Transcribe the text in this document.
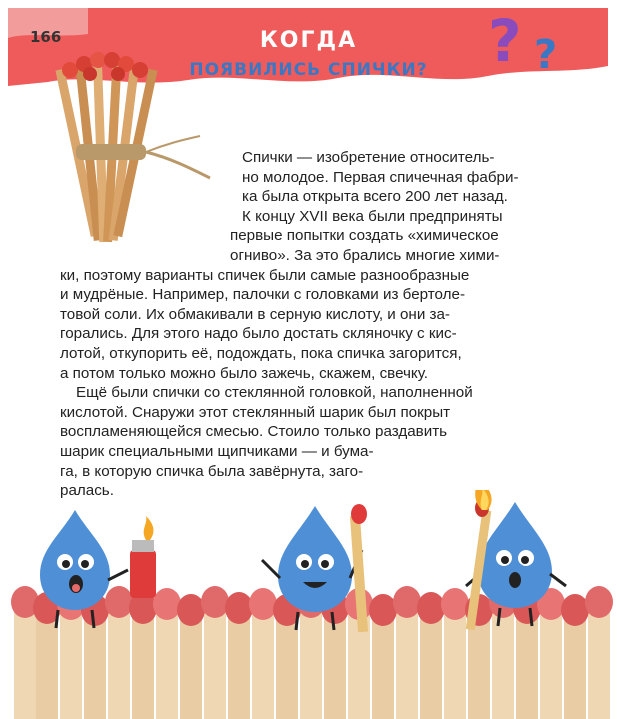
166	КОГДА
ПОЯВИЛИСЬ СПИЧКИ?	? ?
Спички — изобретение относитель-
но молодое. Первая спичечная фабри-
ка была открыта всего 200 лет назад.
К концу XVII века были предприняты
первые попытки создать «химическое
огниво». За это брались многие хими-
ки, поэтому варианты спичек были самые разнообразные
и мудрёные. Например, палочки с головками из бертоле-
товой соли. Их обмакивали в серную кислоту, и они за-
горались. Для этого надо было достать скляночку с кис-
лотой, откупорить её, подождать, пока спичка загорится,
а потом только можно было зажечь, скажем, свечку.
Ещё были спички со стеклянной головкой, наполненной
кислотой. Снаружи этот стеклянный шарик был покрыт
воспламеняющейся смесью. Стоило только раздавить
шарик специальными щипчиками — и бума-
га, в которую спичка была завёрнута, заго-
ралась.
